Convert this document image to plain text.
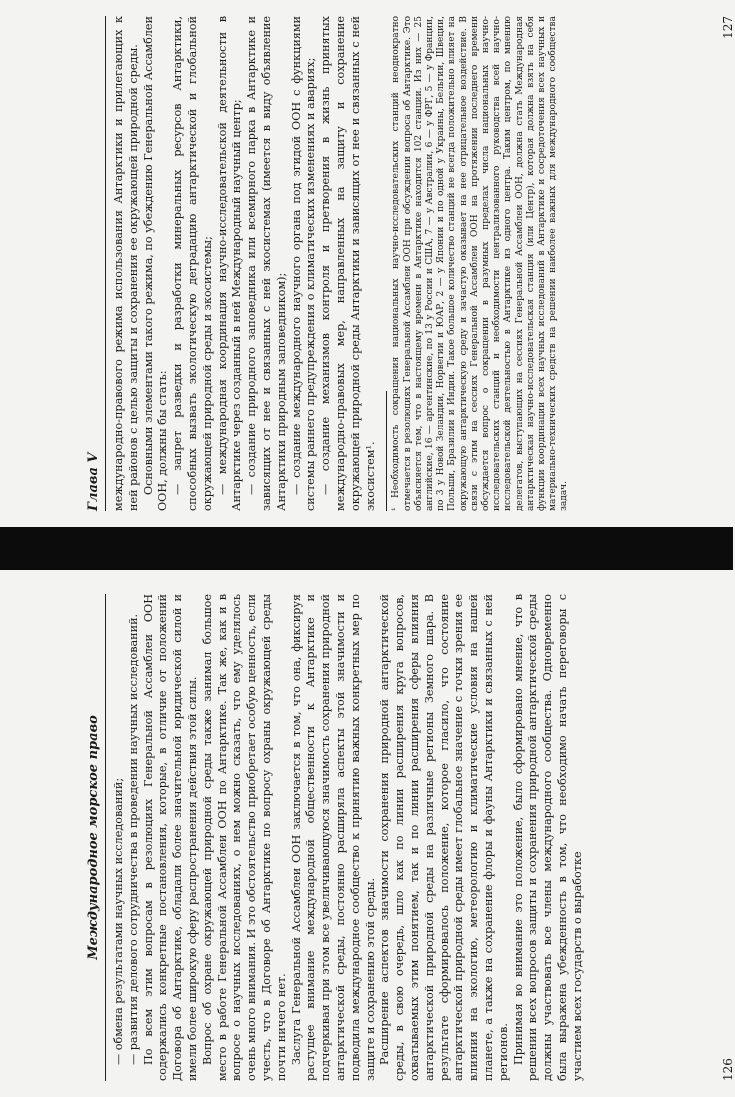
Глава V международно-правового режима использования Антарктики и прилегающих к ней районов с целью защиты и сохранения ее окружающей природной среды. Основными элементами такого режима, по убеждению Генеральной Ассамблеи ООН, должны бы стать: — запрет разведки и разработки минеральных ресурсов Антарктики, способных вызвать экологическую деградацию антарктической и глобальной окружающей природной среды и экосистемы; — международная координация научно-исследовательской деятельности в Антарктике через созданный в ней Международный научный центр; — создание природного заповедника или всемирного парка в Антарктике и зависящих от нее и связанных с ней экосистемах (имеется в виду объявление Антарктики природным заповедником); — создание международного научного органа под эгидой ООН с функциями системы раннего предупреждения о климатических изменениях и авариях; — создание механизмов контроля и претворения в жизнь принятых международно-правовых мер, направленных на защиту и сохранение окружающей природной среды Антарктики и зависящих от нее и связанных с ней экосистем¹. ¹ Необходимость сокращения национальных научно-исследовательских станций неоднократно отмечается в резолюциях Генеральной Ассамблеи ООН при обсуждении вопроса об Антарктике. Это объясняется тем, что в настоящему времени в Антарктике находится 102 станции. Из них — 25 английские, 16 — аргентинские, по 13 у России и США, 7 — у Австралии, 6 — у ФРГ, 5 — у Франции, по 3 у Новой Зеландии, Норвегии и ЮАР, 2 — у Японии и по одной у Украины, Бельгии, Швеции, Польши, Бразилии и Индии. Такое большое количество станций не всегда положительно влияет на окружающую антарктическую среду и зачастую оказывает на нее отрицательное воздействие. В связи с этим на сессиях Генеральной Ассамблеи ООН на протяжении последнего времени обсуждается вопрос о сокращении в разумных пределах числа национальных научно-исследовательских станций и необходимости централизованного руководства всей научно-исследовательской деятельностью в Антарктике из одного центра. Таким центром, по мнению делегатов, выступающих на сессиях Генеральной Ассамблеи ООН, должна стать Международная антарктическая научно-исследовательская станция (или Центр), которая должна взять на себя функции координации всех научных исследований в Антарктике и сосредоточения всех научных и материально-технических средств на решении наиболее важных для международного сообщества задач.

127
Международное морское право — обмена результатами научных исследований; — развития делового сотрудничества в проведении научных исследований. По всем этим вопросам в резолюциях Генеральной Ассамблеи ООН содержались конкретные постановления, которые, в отличие от положений Договора об Антарктике, обладали более значительной юридической силой и имели более широкую сферу распространения действия этой силы. Вопрос об охране окружающей природной среды также занимал большое место в работе Генеральной Ассамблеи ООН по Антарктике. Так же, как и в вопросе о научных исследованиях, о нем можно сказать, что ему уделялось очень много внимания. И это обстоятельство приобретает особую ценность, если учесть, что в Договоре об Антарктике по вопросу охраны окружающей среды почти ничего нет. Заслуга Генеральной Ассамблеи ООН заключается в том, что она, фиксируя растущее внимание международной общественности к Антарктике и подчеркивая при этом все увеличивающуюся значимость сохранения природной антарктической среды, постоянно расширяла аспекты этой значимости и подводила международное сообщество к принятию важных конкретных мер по защите и сохранению этой среды. Расширение аспектов значимости сохранения природной антарктической среды, в свою очередь, шло как по линии расширения круга вопросов, охватываемых этим понятием, так и по линии расширения сферы влияния антарктической природной среды на различные регионы Земного шара. В результате сформировалось положение, которое гласило, что состояние антарктической природной среды имеет глобальное значение с точки зрения ее влияния на экологию, метеорологию и климатические условия на нашей планете, а также на сохранение флоры и фауны Антарктики и связанных с ней регионов. Принимая во внимание это положение, было сформировано мнение, что в решении всех вопросов защиты и сохранения природной антарктической среды должны участвовать все члены международного сообщества. Одновременно была выражена убежденность в том, что необходимо начать переговоры с участием всех государств о выработке	126
